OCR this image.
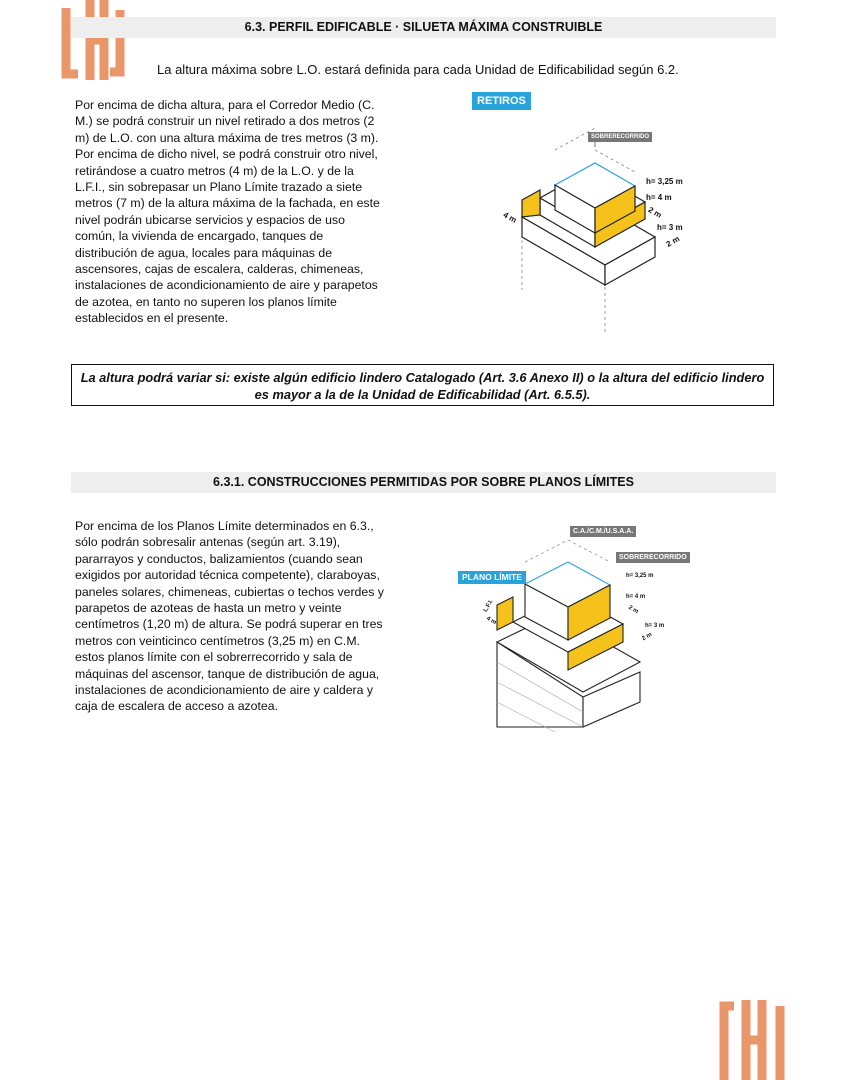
6.3. PERFIL EDIFICABLE · SILUETA MÁXIMA CONSTRUIBLE
La altura máxima sobre L.O. estará definida para cada Unidad de Edificabilidad según 6.2.
Por encima de dicha altura, para el Corredor Medio (C. M.) se podrá construir un nivel retirado a dos metros (2 m) de L.O. con una altura máxima de tres metros (3 m). Por encima de dicho nivel, se podrá construir otro nivel, retirándose a cuatro metros (4 m) de la L.O. y de la L.F.I., sin sobrepasar un Plano Límite trazado a siete metros (7 m) de la altura máxima de la fachada, en este nivel podrán ubicarse servicios y espacios de uso común, la vivienda de encargado, tanques de distribución de agua, locales para máquinas de ascensores, cajas de escalera, calderas, chimeneas, instalaciones de acondicionamiento de aire y parapetos de azotea, en tanto no superen los planos límite establecidos en el presente.
RETIROS
SOBRERECORRIDO
h= 3,25 m
h= 4 m
2 m
h= 3 m
2 m
4 m
La altura podrá variar si: existe algún edificio lindero Catalogado (Art. 3.6 Anexo II) o la altura del edificio lindero es mayor a la de la Unidad de Edificabilidad (Art. 6.5.5).
6.3.1. CONSTRUCCIONES PERMITIDAS POR SOBRE PLANOS LÍMITES
Por encima de los Planos Límite determinados en 6.3., sólo podrán sobresalir antenas (según art. 3.19), pararrayos y conductos, balizamientos (cuando sean exigidos por autoridad técnica competente), claraboyas, paneles solares, chimeneas, cubiertas o techos verdes y parapetos de azoteas de hasta un metro y veinte centímetros (1,20 m) de altura. Se podrá superar en tres metros con veinticinco centímetros (3,25 m) en C.M. estos planos límite con el sobrerrecorrido y sala de máquinas del ascensor, tanque de distribución de agua, instalaciones de acondicionamiento de aire y caldera y caja de escalera de acceso a azotea.
C.A./C.M./U.S.A.A.
SOBRERECORRIDO
PLANO LÍMITE	h= 3,25 m
h= 4 m
2 m
h= 3 m
2 m
L.F.I.
4 m
